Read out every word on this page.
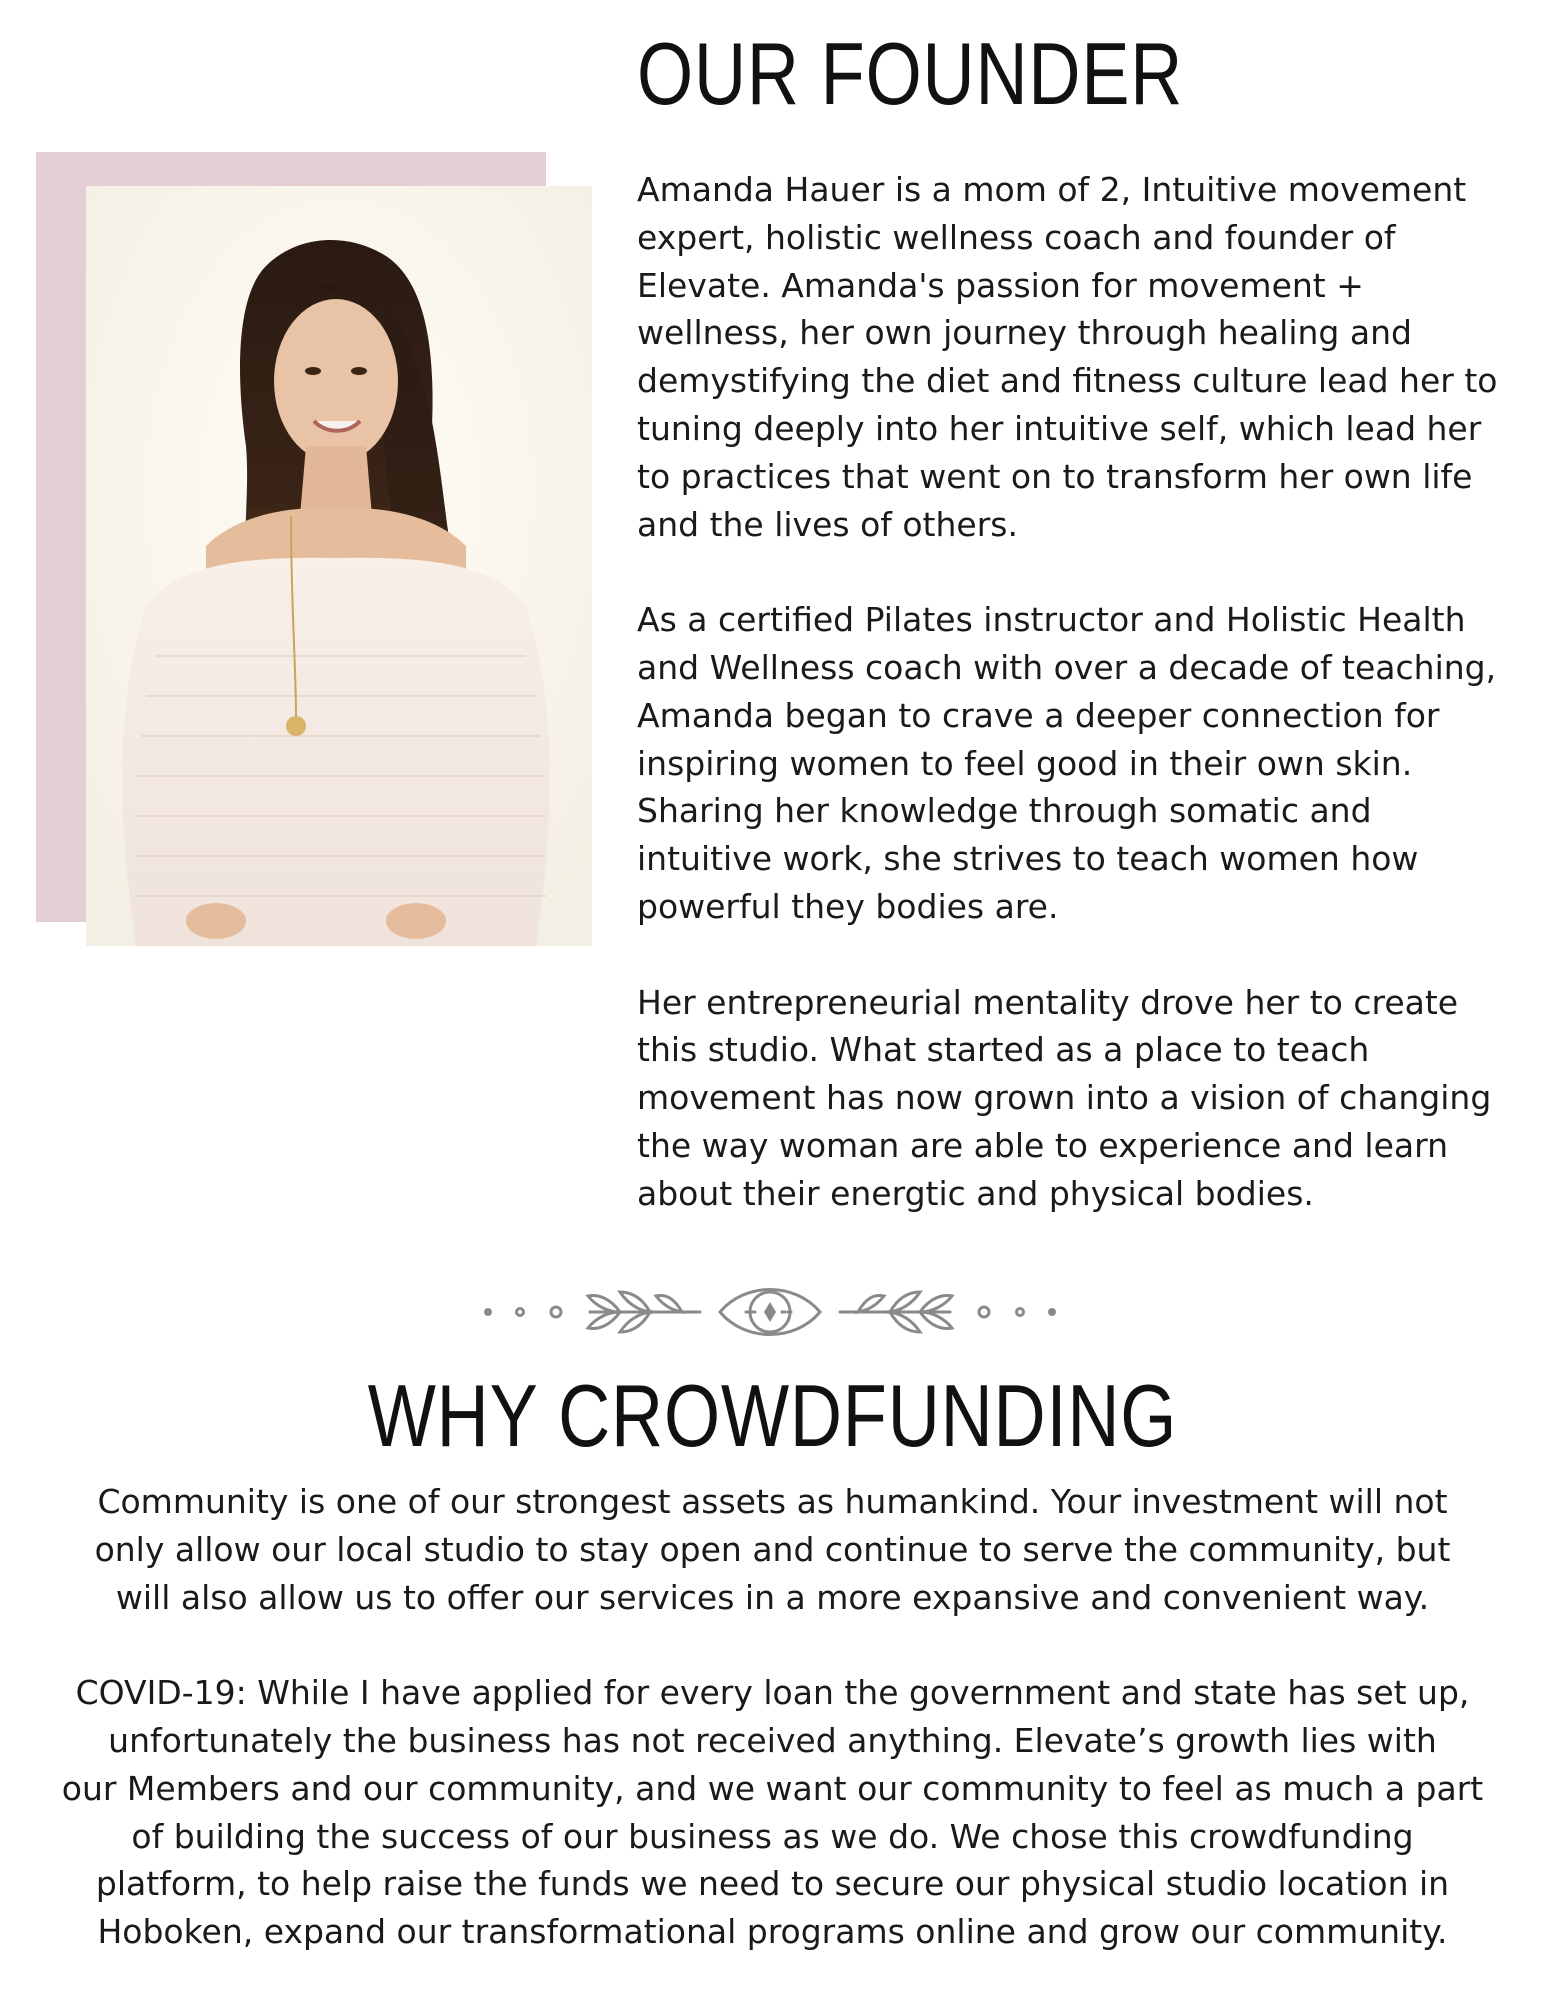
OUR FOUNDER

Amanda Hauer is a mom of 2, Intuitive movement
expert, holistic wellness coach and founder of
Elevate. Amanda's passion for movement +
wellness, her own journey through healing and
demystifying the diet and fitness culture lead her to
tuning deeply into her intuitive self, which lead her
to practices that went on to transform her own life
and the lives of others.

As a certified Pilates instructor and Holistic Health
and Wellness coach with over a decade of teaching,
Amanda began to crave a deeper connection for
inspiring women to feel good in their own skin.
Sharing her knowledge through somatic and
intuitive work, she strives to teach women how
powerful they bodies are.

Her entrepreneurial mentality drove her to create
this studio. What started as a place to teach
movement has now grown into a vision of changing
the way woman are able to experience and learn
about their energtic and physical bodies.

WHY CROWDFUNDING

Community is one of our strongest assets as humankind. Your investment will not
only allow our local studio to stay open and continue to serve the community, but
will also allow us to offer our services in a more expansive and convenient way.

COVID-19: While I have applied for every loan the government and state has set up,
unfortunately the business has not received anything. Elevate’s growth lies with
our Members and our community, and we want our community to feel as much a part
of building the success of our business as we do. We chose this crowdfunding
platform, to help raise the funds we need to secure our physical studio location in
Hoboken, expand our transformational programs online and grow our community.
